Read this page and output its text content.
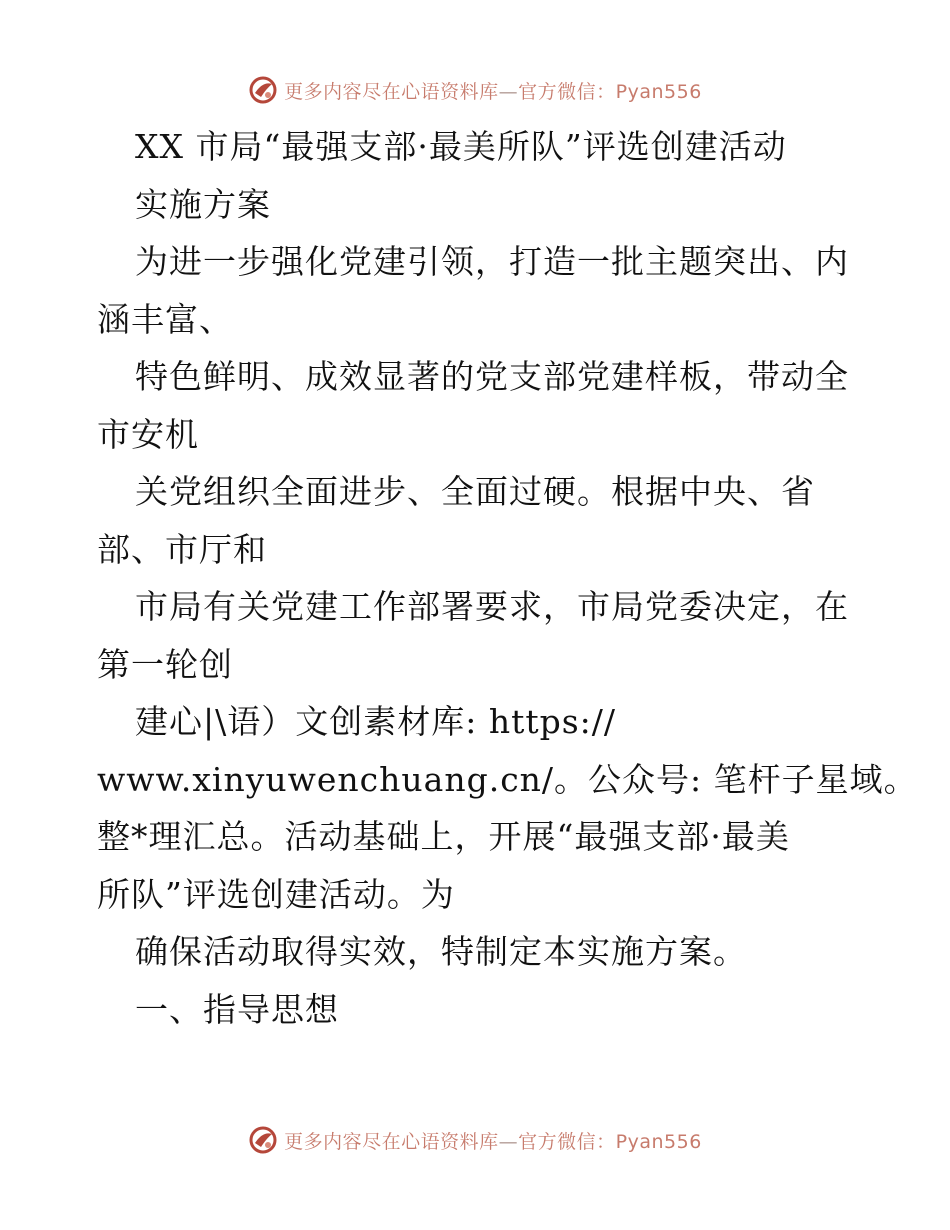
更多内容尽在心语资料库—官方微信：Pyan556
XX 市局“最强支部·最美所队”评选创建活动
实施方案
为进一步强化党建引领，打造一批主题突出、内
涵丰富、
特色鲜明、成效显著的党支部党建样板，带动全
市安机
关党组织全面进步、全面过硬。根据中央、省
部、市厅和
市局有关党建工作部署要求，市局党委决定，在
第一轮创
建心|\语）文创素材库: https://
www.xinyuwenchuang.cn/。公众号: 笔杆子星域。
整*理汇总。活动基础上，开展“最强支部·最美
所队”评选创建活动。为
确保活动取得实效，特制定本实施方案。
一、指导思想
更多内容尽在心语资料库—官方微信：Pyan556
